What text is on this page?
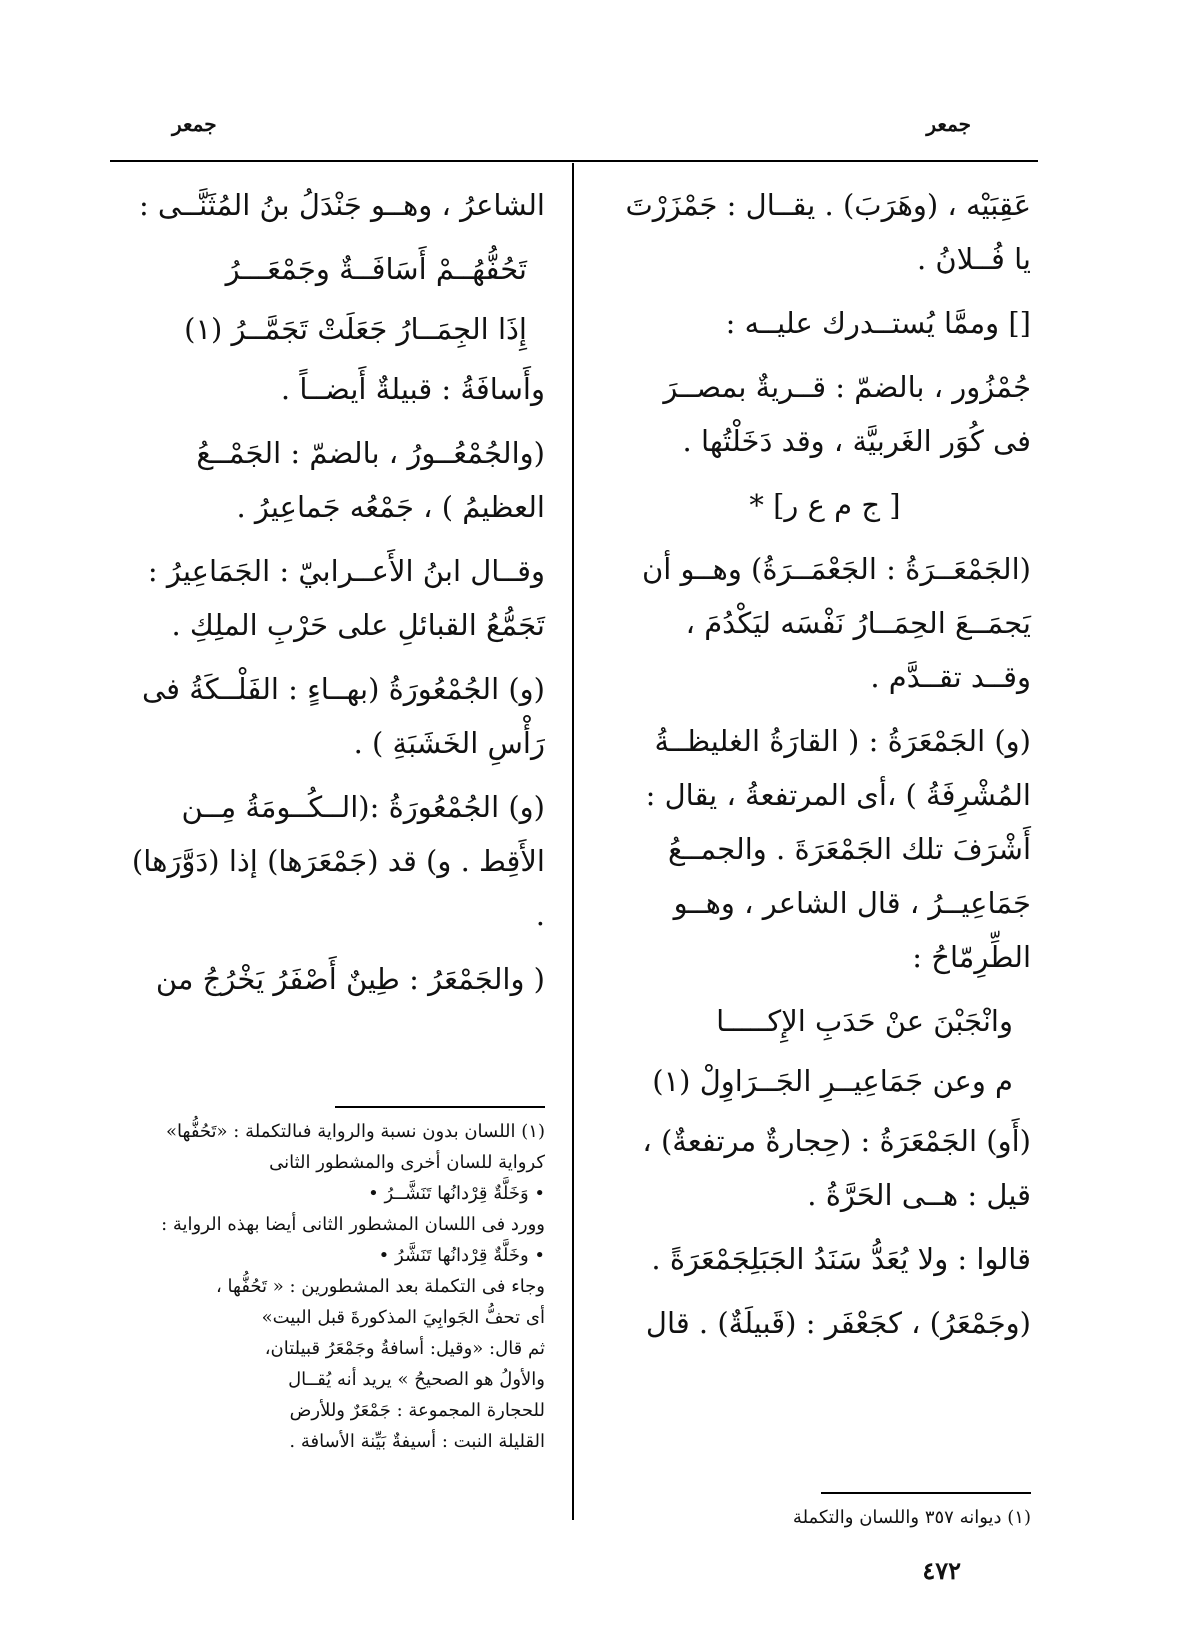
جمعر
جمعر

عَقِبَيْه ، (وهَرَبَ) . يقــال : جَمْزَرْتَ يا فُــلانُ .

[] وممَّا يُستــدرك عليــه :

جُمْزُور ، بالضمّ : قــريةٌ بمصــرَ فى كُوَر الغَربيَّة ، وقد دَخَلْتُها .

[ ج م ع ر] *

(الجَمْعَــرَةُ : الجَعْمَــرَةُ) وهــو أن يَجمَــعَ الحِمَــارُ نَفْسَه ليَكْدُمَ ، وقــد تقــدَّم .

(و) الجَمْعَرَةُ : ( القارَةُ الغليظــةُ المُشْرِفَةُ ) ،أى المرتفعةُ ، يقال : أَشْرَفَ تلك الجَمْعَرَةَ . والجمــعُ جَمَاعِيــرُ ، قال الشاعر ، وهــو الطِّرِمّاحُ :

وانْجَبْنَ عنْ حَدَبِ الإِكـــــا

م وعن جَمَاعِيــرِ الجَــرَاوِلْ (١)

(أَو) الجَمْعَرَةُ : (حِجارةٌ مرتفعةٌ) ، قيل : هــى الحَرَّةُ .

قالوا : ولا يُعَدُّ سَنَدُ الجَبَلِجَمْعَرَةً .

(وجَمْعَرُ) ، كجَعْفَر : (قَبيلَةٌ) . قال

(١) ديوانه ٣٥٧ واللسان والتكملة

الشاعرُ ، وهــو جَنْدَلُ بنُ المُثَنَّــى :

تَحُفُّهُــمْ أَسَافَــةٌ وجَمْعَـــرُ

إِذَا الجِمَــارُ جَعَلَتْ تَجَمَّــرُ (١)

وأَسافَةُ : قبيلةٌ أَيضــاً .

(والجُمْعُــورُ ، بالضمّ : الجَمْــعُ العظيمُ ) ، جَمْعُه جَماعِيرُ .

وقــال ابنُ الأَعــرابيّ : الجَمَاعِيرُ : تَجَمُّعُ القبائلِ على حَرْبِ الملِكِ .

(و) الجُمْعُورَةُ (بهــاءٍ : الفَلْــكَةُ فى رَأْسِ الخَشَبَةِ ) .

(و) الجُمْعُورَةُ :(الــكُــومَةُ مِــن الأَقِط . و) قد (جَمْعَرَها) إذا (دَوَّرَها) .

( والجَمْعَرُ : طِينٌ أَصْفَرُ يَخْرُجُ من

(١) اللسان بدون نسبة والرواية فىالتكملة : «تَحُفُّها»

كرواية للسان أخرى والمشطور الثانى

• وَخَلَّةٌ قِرْدانُها تَنَشَّــرُ •

وورد فى اللسان المشطور الثانى أيضا بهذه الرواية :

• وخَلَّةٌ قِرْدانُها تَنَشَّرُ •

وجاء فى التكملة بعد المشطورين : « تَحُفُّها ،

أى تحفُّ الجَوابِيَ المذكورةَ قبل البيت»

ثم قال: «وقيل: أسافةُ وجَمْعَرُ قبيلتان،

والأولُ هو الصحيحُ » يريد أنه يُقــال

للحجارة المجموعة : جَمْعَرٌ وللأرض

القليلة النبت : أسيفةٌ بَيِّنة الأسافة .

٤٧٢
